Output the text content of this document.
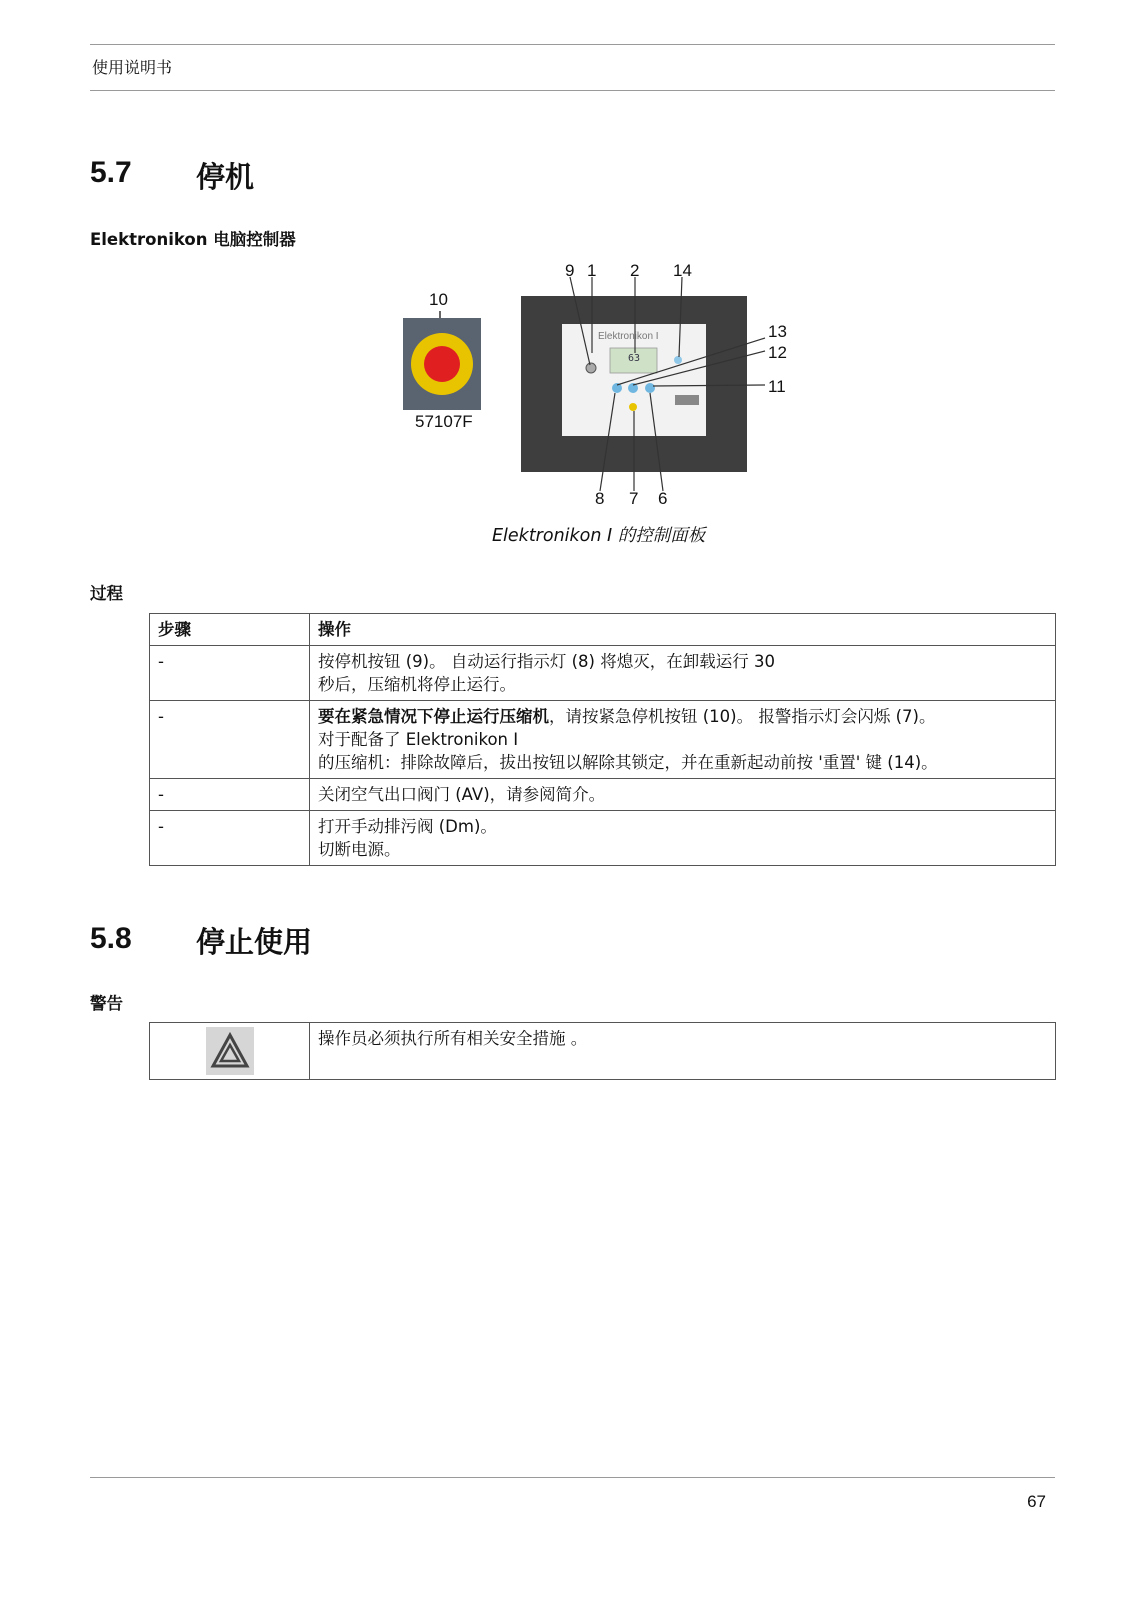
使用说明书
5.7 停机
Elektronikon 电脑控制器
10
Elektronikon I
63
57107F
9 1 2 14
13
12
11
8 7 6
Elektronikon I 的控制面板
过程
步骤	操作
-	按停机按钮 (9)。 自动运行指示灯 (8) 将熄灭，在卸载运行 30
秒后，压缩机将停止运行。

-	要在紧急情况下停止运行压缩机，请按紧急停机按钮 (10)。 报警指示灯会闪烁 (7)。
对于配备了 Elektronikon I
的压缩机：排除故障后，拔出按钮以解除其锁定，并在重新起动前按 '重置' 键 (14)。

-	关闭空气出口阀门 (AV)，请参阅简介。

-	打开手动排污阀 (Dm)。
切断电源。
5.8 停止使用
警告
	操作员必须执行所有相关安全措施 。
67
